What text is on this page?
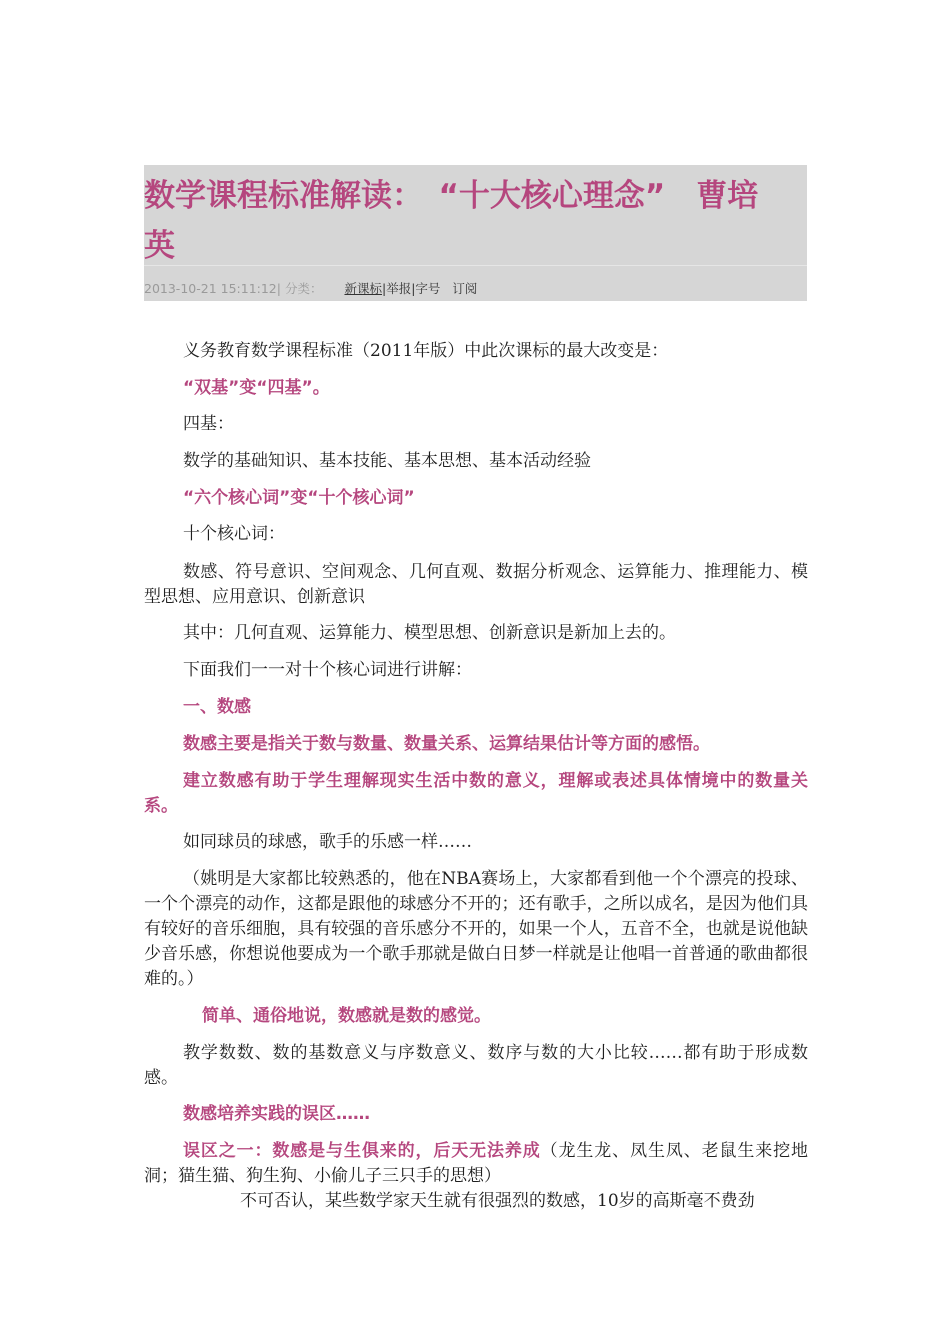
数学课程标准解读：　“十大核心理念”　曹培英
2013-10-21 15:11:12| 分类： 新课标|举报|字号 订阅

义务教育数学课程标准（2011年版）中此次课标的最大改变是：

“双基”变“四基”。

四基：

数学的基础知识、基本技能、基本思想、基本活动经验

“六个核心词”变“十个核心词”

十个核心词：

数感、符号意识、空间观念、几何直观、数据分析观念、运算能力、推理能力、模型思想、应用意识、创新意识

其中：几何直观、运算能力、模型思想、创新意识是新加上去的。

下面我们一一对十个核心词进行讲解：

一、数感

数感主要是指关于数与数量、数量关系、运算结果估计等方面的感悟。

建立数感有助于学生理解现实生活中数的意义，理解或表述具体情境中的数量关系。

如同球员的球感，歌手的乐感一样……

（姚明是大家都比较熟悉的，他在NBA赛场上，大家都看到他一个个漂亮的投球、一个个漂亮的动作，这都是跟他的球感分不开的；还有歌手，之所以成名，是因为他们具有较好的音乐细胞，具有较强的音乐感分不开的，如果一个人，五音不全，也就是说他缺少音乐感，你想说他要成为一个歌手那就是做白日梦一样就是让他唱一首普通的歌曲都很难的。）

简单、通俗地说，数感就是数的感觉。

教学数数、数的基数意义与序数意义、数序与数的大小比较……都有助于形成数感。

数感培养实践的误区……

误区之一：数感是与生俱来的，后天无法养成（龙生龙、凤生凤、老鼠生来挖地洞；猫生猫、狗生狗、小偷儿子三只手的思想）

不可否认，某些数学家天生就有很强烈的数感，10岁的高斯毫不费劲
